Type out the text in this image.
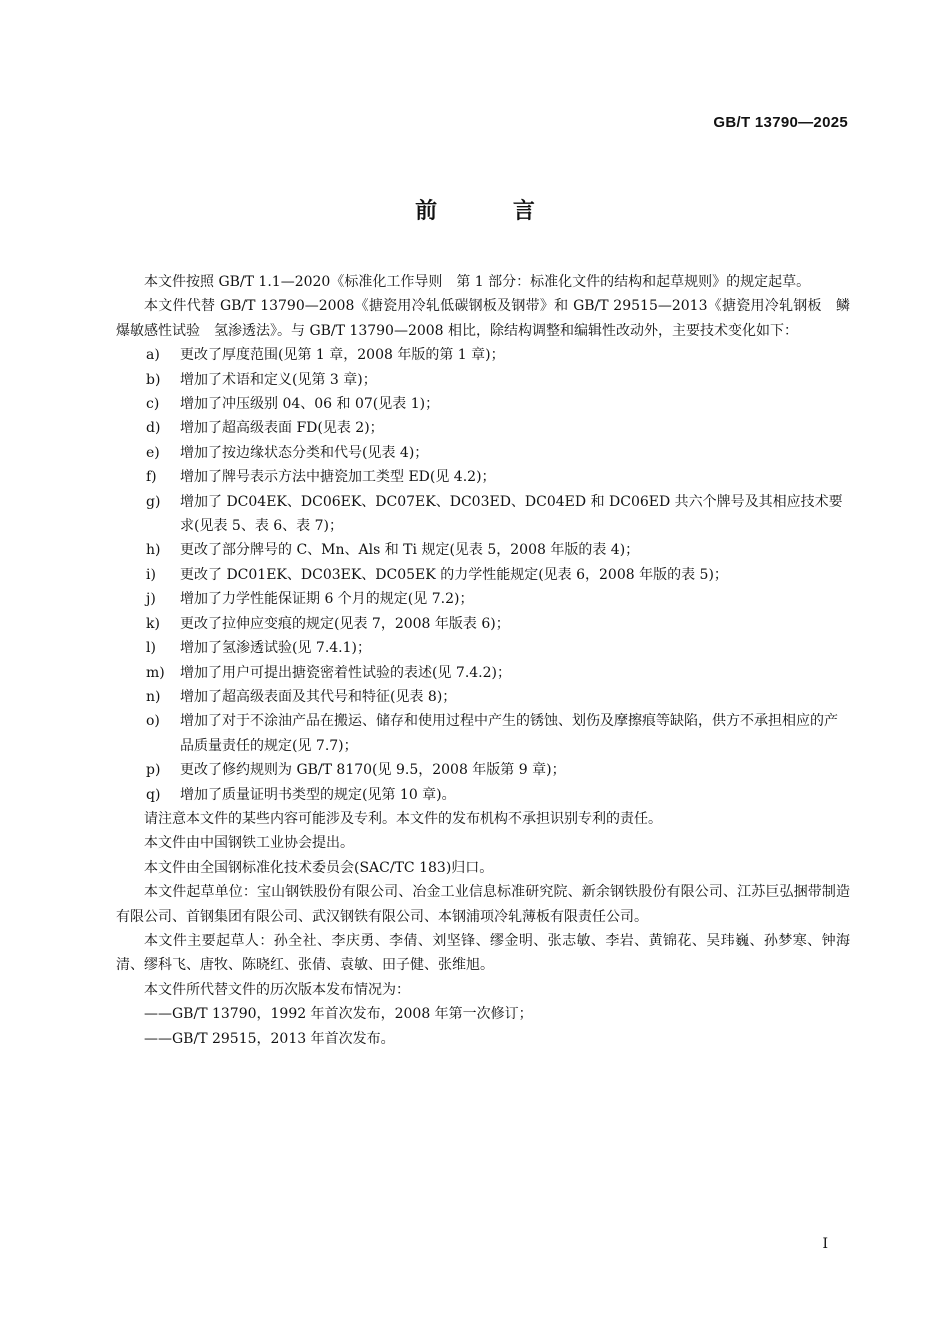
GB/T 13790—2025
前 言

本文件按照 GB/T 1.1—2020《标准化工作导则　第 1 部分：标准化文件的结构和起草规则》的规定起草。

本文件代替 GB/T 13790—2008《搪瓷用冷轧低碳钢板及钢带》和 GB/T 29515—2013《搪瓷用冷轧钢板　鳞爆敏感性试验　氢渗透法》。与 GB/T 13790—2008 相比，除结构调整和编辑性改动外，主要技术变化如下：

a) 更改了厚度范围(见第 1 章，2008 年版的第 1 章)；
b) 增加了术语和定义(见第 3 章)；
c) 增加了冲压级别 04、06 和 07(见表 1)；
d) 增加了超高级表面 FD(见表 2)；
e) 增加了按边缘状态分类和代号(见表 4)；
f) 增加了牌号表示方法中搪瓷加工类型 ED(见 4.2)；
g) 增加了 DC04EK、DC06EK、DC07EK、DC03ED、DC04ED 和 DC06ED 共六个牌号及其相应技术要求(见表 5、表 6、表 7)；
h) 更改了部分牌号的 C、Mn、Als 和 Ti 规定(见表 5，2008 年版的表 4)；
i) 更改了 DC01EK、DC03EK、DC05EK 的力学性能规定(见表 6，2008 年版的表 5)；
j) 增加了力学性能保证期 6 个月的规定(见 7.2)；
k) 更改了拉伸应变痕的规定(见表 7，2008 年版表 6)；
l) 增加了氢渗透试验(见 7.4.1)；
m) 增加了用户可提出搪瓷密着性试验的表述(见 7.4.2)；
n) 增加了超高级表面及其代号和特征(见表 8)；
o) 增加了对于不涂油产品在搬运、储存和使用过程中产生的锈蚀、划伤及摩擦痕等缺陷，供方不承担相应的产品质量责任的规定(见 7.7)；
p) 更改了修约规则为 GB/T 8170(见 9.5，2008 年版第 9 章)；
q) 增加了质量证明书类型的规定(见第 10 章)。

请注意本文件的某些内容可能涉及专利。本文件的发布机构不承担识别专利的责任。

本文件由中国钢铁工业协会提出。

本文件由全国钢标准化技术委员会(SAC/TC 183)归口。

本文件起草单位：宝山钢铁股份有限公司、冶金工业信息标准研究院、新余钢铁股份有限公司、江苏巨弘捆带制造有限公司、首钢集团有限公司、武汉钢铁有限公司、本钢浦项冷轧薄板有限责任公司。

本文件主要起草人：孙全社、李庆勇、李倩、刘坚锋、缪金明、张志敏、李岩、黄锦花、吴玮巍、孙梦寒、钟海清、缪科飞、唐牧、陈晓红、张倩、袁敏、田子健、张维旭。

本文件所代替文件的历次版本发布情况为：

——GB/T 13790，1992 年首次发布，2008 年第一次修订；

——GB/T 29515，2013 年首次发布。

I
